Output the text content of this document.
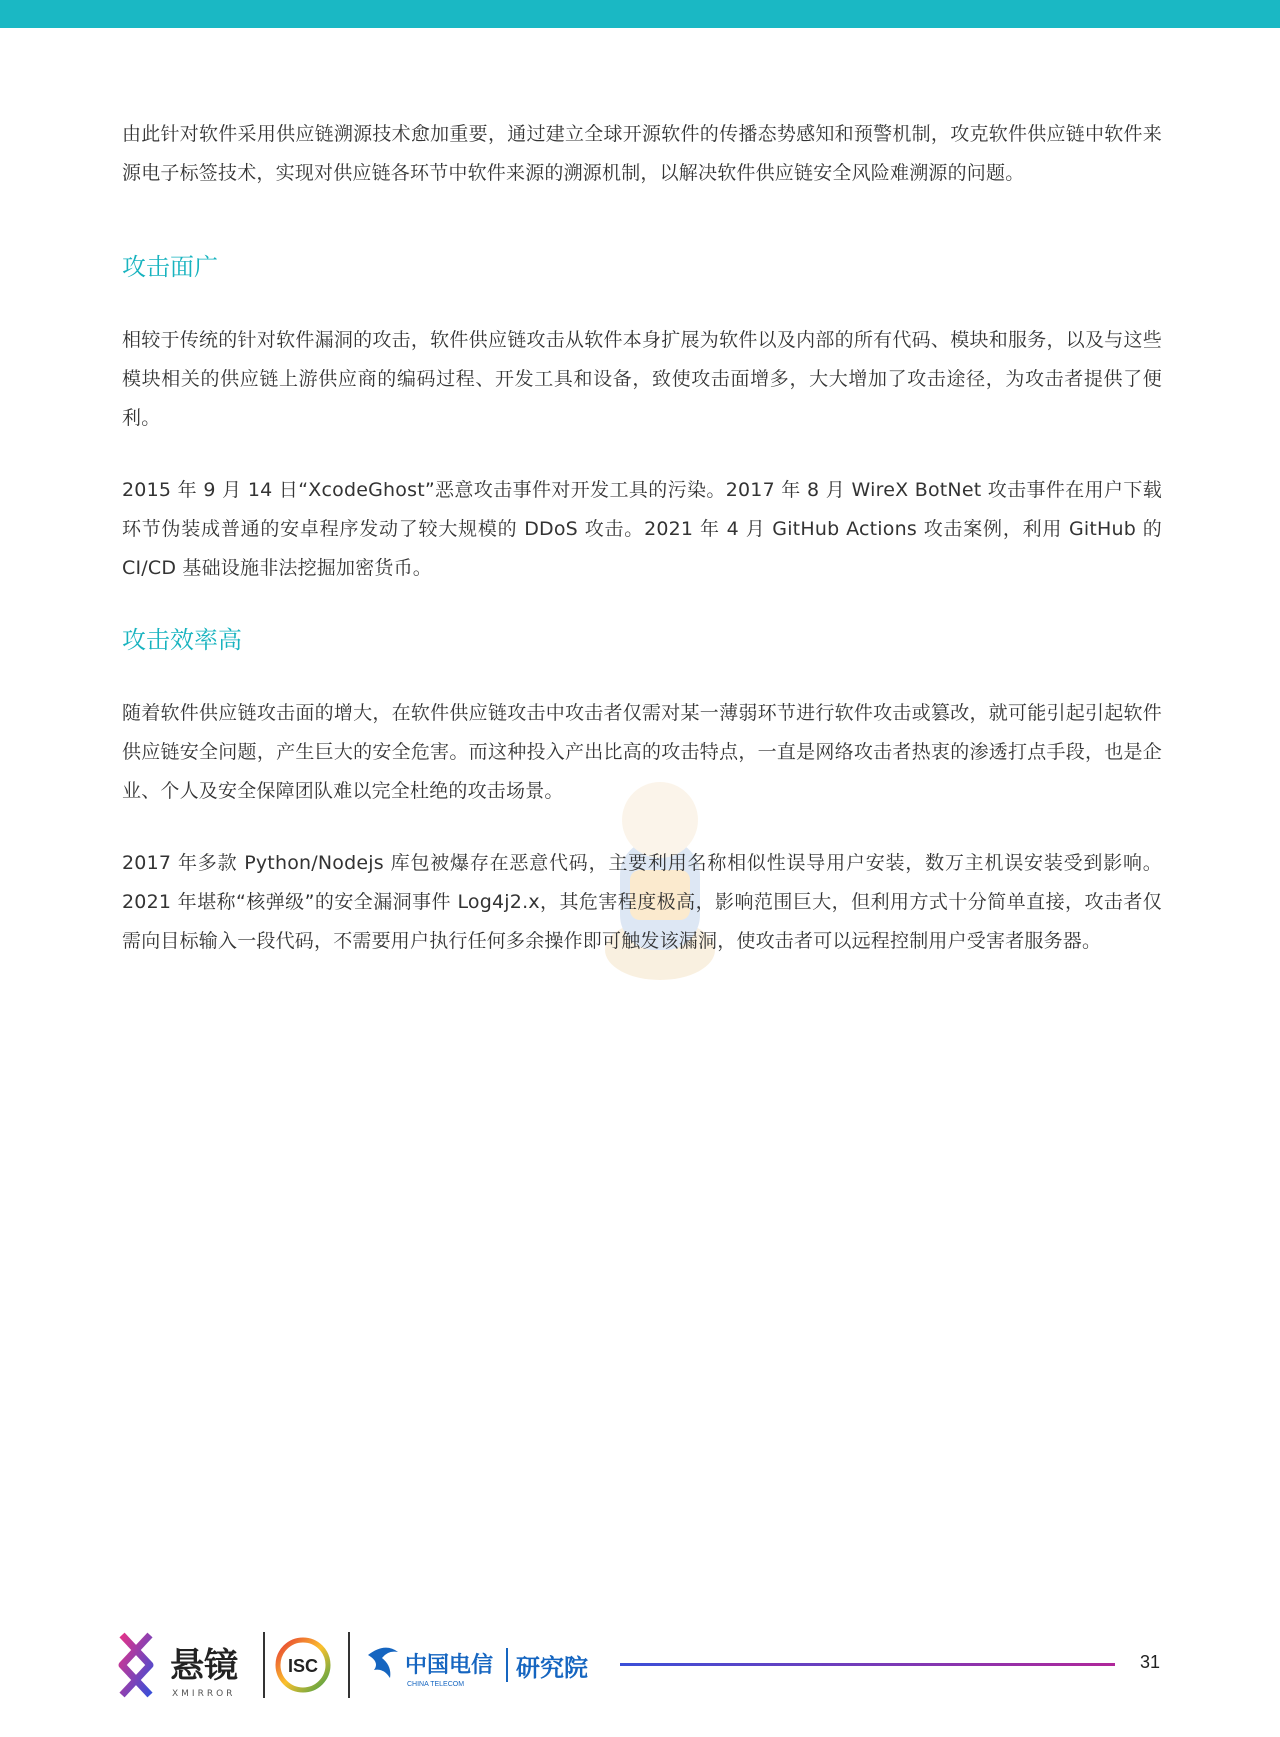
由此针对软件采用供应链溯源技术愈加重要，通过建立全球开源软件的传播态势感知和预警机制，攻克软件供应链中软件来源电子标签技术，实现对供应链各环节中软件来源的溯源机制，以解决软件供应链安全风险难溯源的问题。

攻击面广

相较于传统的针对软件漏洞的攻击，软件供应链攻击从软件本身扩展为软件以及内部的所有代码、模块和服务，以及与这些模块相关的供应链上游供应商的编码过程、开发工具和设备，致使攻击面增多，大大增加了攻击途径，为攻击者提供了便利。

2015 年 9 月 14 日“XcodeGhost”恶意攻击事件对开发工具的污染。2017 年 8 月 WireX BotNet 攻击事件在用户下载环节伪装成普通的安卓程序发动了较大规模的 DDoS 攻击。2021 年 4 月 GitHub Actions 攻击案例，利用 GitHub 的 CI/CD 基础设施非法挖掘加密货币。

攻击效率高

随着软件供应链攻击面的增大，在软件供应链攻击中攻击者仅需对某一薄弱环节进行软件攻击或篡改，就可能引起引起软件供应链安全问题，产生巨大的安全危害。而这种投入产出比高的攻击特点，一直是网络攻击者热衷的渗透打点手段，也是企业、个人及安全保障团队难以完全杜绝的攻击场景。

2017 年多款 Python/Nodejs 库包被爆存在恶意代码，主要利用名称相似性误导用户安装，数万主机误安装受到影响。2021 年堪称“核弹级”的安全漏洞事件 Log4j2.x，其危害程度极高，影响范围巨大，但利用方式十分简单直接，攻击者仅需向目标输入一段代码，不需要用户执行任何多余操作即可触发该漏洞，使攻击者可以远程控制用户受害者服务器。

悬镜
XMIRROR
ISC	中国电信
CHINA TELECOM
研究院	31
